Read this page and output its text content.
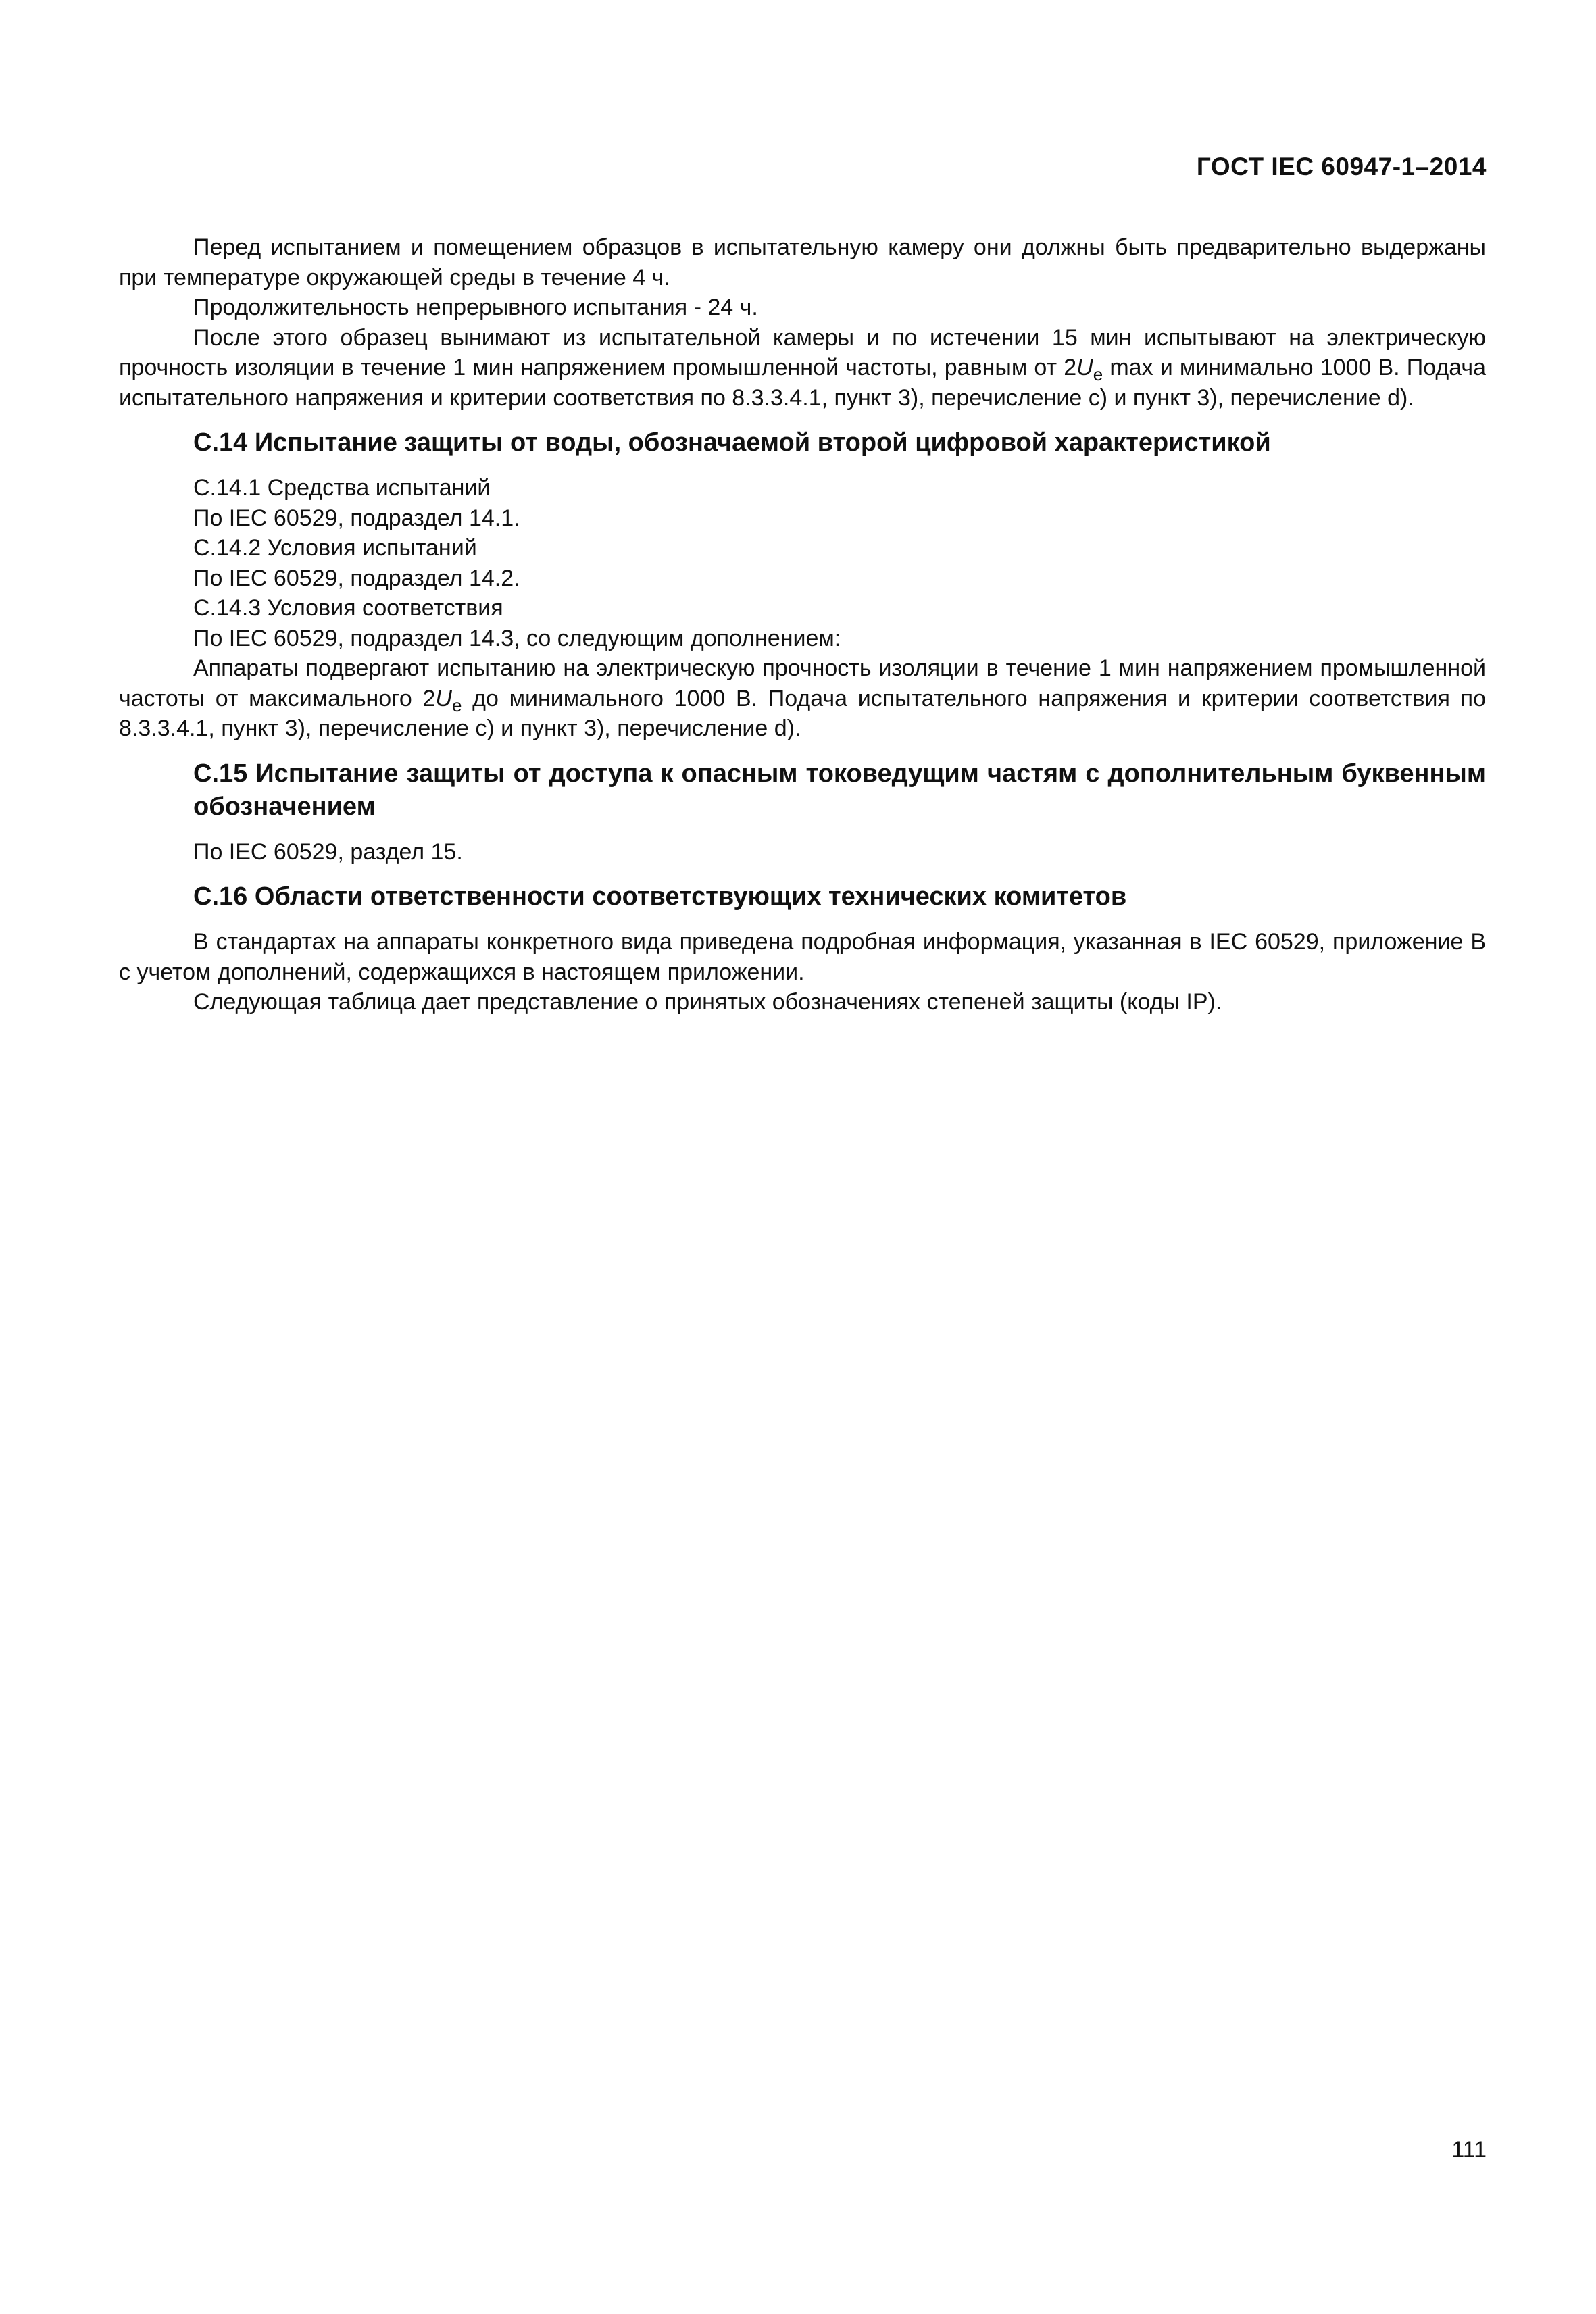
ГОСТ IEC 60947-1–2014

Перед испытанием и помещением образцов в испытательную камеру они должны быть предварительно выдержаны при температуре окружающей среды в течение 4 ч.

Продолжительность непрерывного испытания - 24 ч.

После этого образец вынимают из испытательной камеры и по истечении 15 мин испытывают на электрическую прочность изоляции в течение 1 мин напряжением промышленной частоты, равным от $2U_e$ max и минимально 1000 В. Подача испытательного напряжения и критерии соответствия по 8.3.3.4.1, пункт 3), перечисление c) и пункт 3), перечисление d).

С.14 Испытание защиты от воды, обозначаемой второй цифровой характеристикой

С.14.1 Средства испытаний

По IEC 60529, подраздел 14.1.

С.14.2 Условия испытаний

По IEC 60529, подраздел 14.2.

С.14.3 Условия соответствия

По IEC 60529, подраздел 14.3, со следующим дополнением:

Аппараты подвергают испытанию на электрическую прочность изоляции в течение 1 мин напряжением промышленной частоты от максимального $2U_e$ до минимального 1000 В. Подача испытательного напряжения и критерии соответствия по 8.3.3.4.1, пункт 3), перечисление c) и пункт 3), перечисление d).

С.15 Испытание защиты от доступа к опасным токоведущим частям с дополнительным буквенным обозначением

По IEC 60529, раздел 15.

С.16 Области ответственности соответствующих технических комитетов

В стандартах на аппараты конкретного вида приведена подробная информация, указанная в IEC 60529, приложение B с учетом дополнений, содержащихся в настоящем приложении.

Следующая таблица дает представление о принятых обозначениях степеней защиты (коды IP).

111
